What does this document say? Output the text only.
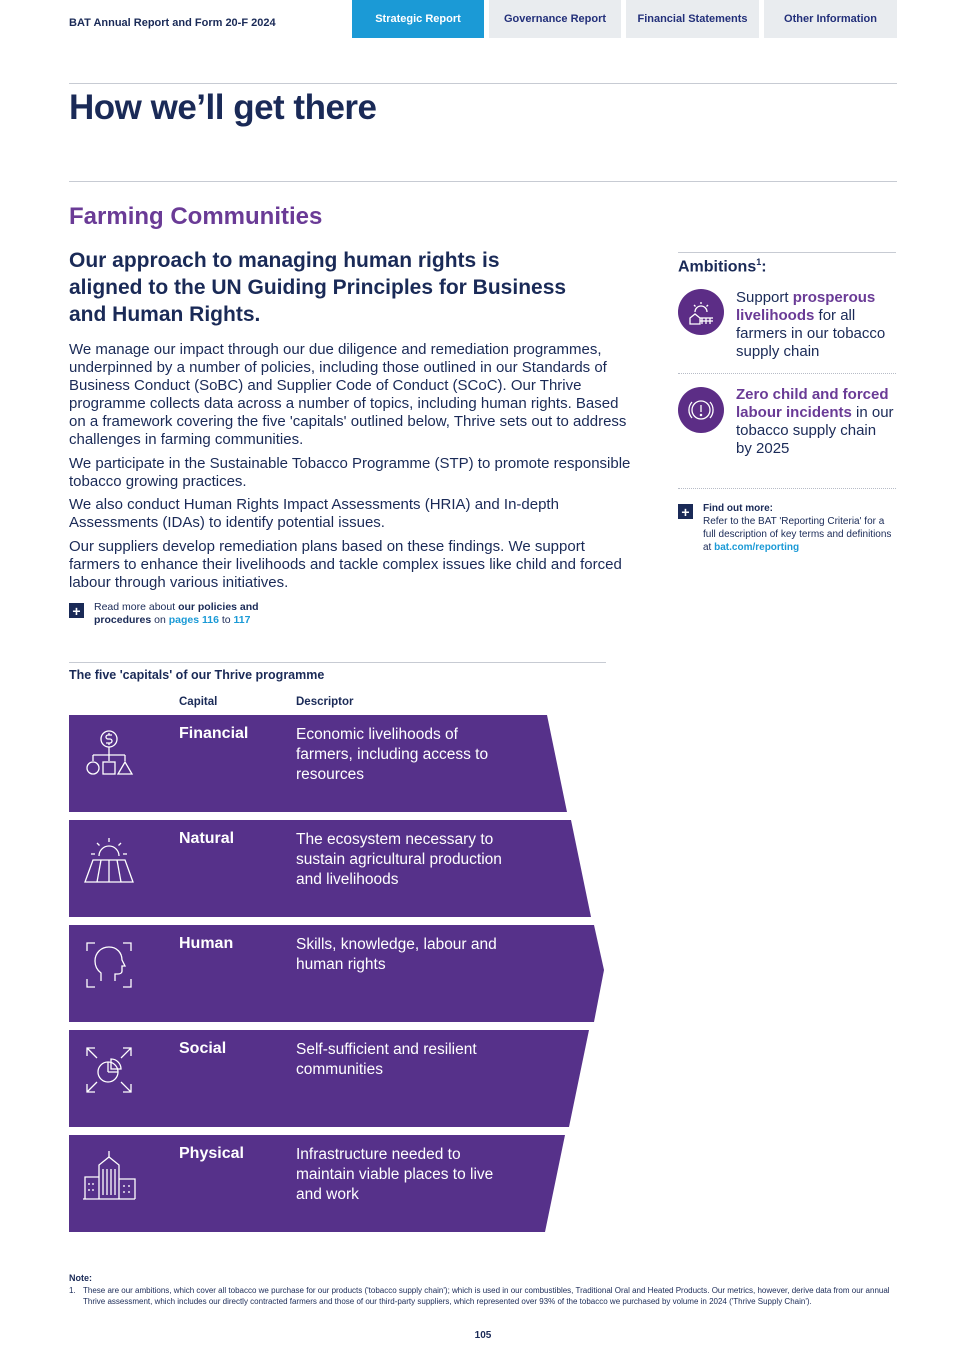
BAT Annual Report and Form 20-F 2024	Strategic Report	Governance Report	Financial Statements	Other Information
How we’ll get there
Farming Communities

Our approach to managing human rights is aligned to the UN Guiding Principles for Business and Human Rights.

We manage our impact through our due diligence and remediation programmes, underpinned by a number of policies, including those outlined in our Standards of Business Conduct (SoBC) and Supplier Code of Conduct (SCoC). Our Thrive programme collects data across a number of topics, including human rights. Based on a framework covering the five 'capitals' outlined below, Thrive sets out to address challenges in farming communities.

We participate in the Sustainable Tobacco Programme (STP) to promote responsible tobacco growing practices.

We also conduct Human Rights Impact Assessments (HRIA) and In-depth Assessments (IDAs) to identify potential issues.

Our suppliers develop remediation plans based on these findings. We support farmers to enhance their livelihoods and tackle complex issues like child and forced labour through various initiatives.

+	Read more about our policies and procedures on pages 116 to 117
Ambitions$^1$:

Support prosperous livelihoods for all farmers in our tobacco supply chain

Zero child and forced labour incidents in our tobacco supply chain by 2025

+	Find out more:
Refer to the BAT 'Reporting Criteria' for a full description of key terms and definitions at bat.com/reporting
The five 'capitals' of our Thrive programme
Capital	Descriptor
Financial	Economic livelihoods of farmers, including access to resources
Natural	The ecosystem necessary to sustain agricultural production and livelihoods
Human	Skills, knowledge, labour and human rights
Social	Self-sufficient and resilient communities
Physical	Infrastructure needed to maintain viable places to live and work
Note:
1. These are our ambitions, which cover all tobacco we purchase for our products ('tobacco supply chain'); which is used in our combustibles, Traditional Oral and Heated Products. Our metrics, however, derive data from our annual Thrive assessment, which includes our directly contracted farmers and those of our third-party suppliers, which represented over 93% of the tobacco we purchased by volume in 2024 ('Thrive Supply Chain').
105
